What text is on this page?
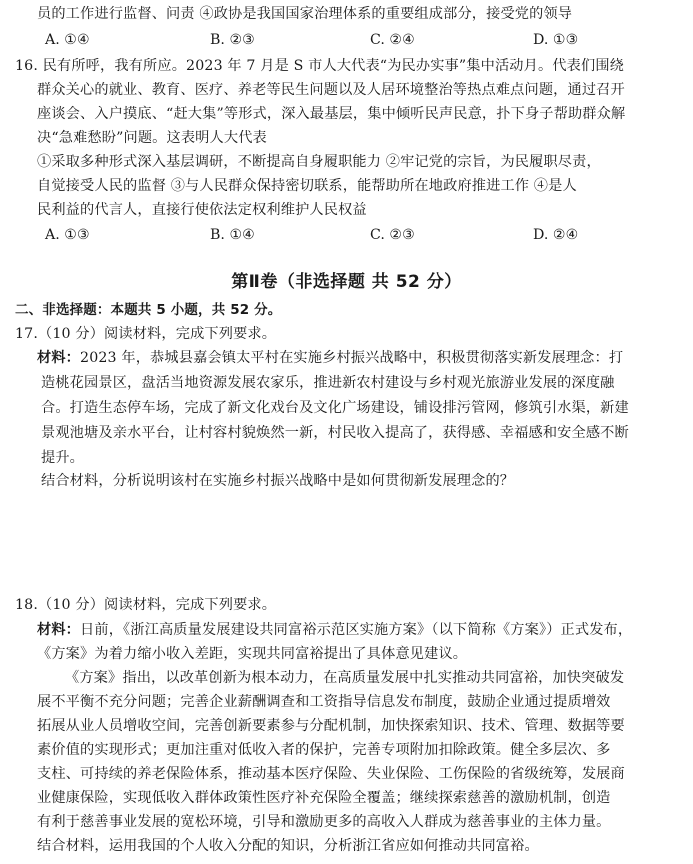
员的工作进行监督、问责 ④政协是我国国家治理体系的重要组成部分，接受党的领导
A. ①④	B. ②③	C. ②④	D. ①③
16. 民有所呼，我有所应。2023 年 7 月是 S 市人大代表“为民办实事”集中活动月。代表们围绕
群众关心的就业、教育、医疗、养老等民生问题以及人居环境整治等热点难点问题，通过召开
座谈会、入户摸底、“赶大集”等形式，深入最基层，集中倾听民声民意，扑下身子帮助群众解
决“急难愁盼”问题。这表明人大代表
①采取多种形式深入基层调研，不断提高自身履职能力 ②牢记党的宗旨，为民履职尽责，
自觉接受人民的监督 ③与人民群众保持密切联系，能帮助所在地政府推进工作 ④是人
民利益的代言人，直接行使依法定权利维护人民权益
A. ①③	B. ①④	C. ②③	D. ②④
第Ⅱ卷（非选择题 共 52 分）
二、非选择题：本题共 5 小题，共 52 分。
17.（10 分）阅读材料，完成下列要求。
材料：2023 年，恭城县嘉会镇太平村在实施乡村振兴战略中，积极贯彻落实新发展理念：打
造桃花园景区，盘活当地资源发展农家乐，推进新农村建设与乡村观光旅游业发展的深度融
合。打造生态停车场，完成了新文化戏台及文化广场建设，铺设排污管网，修筑引水渠，新建
景观池塘及亲水平台，让村容村貌焕然一新，村民收入提高了，获得感、幸福感和安全感不断
提升。
结合材料，分析说明该村在实施乡村振兴战略中是如何贯彻新发展理念的？
18.（10 分）阅读材料，完成下列要求。
材料：日前，《浙江高质量发展建设共同富裕示范区实施方案》（以下简称《方案》）正式发布，
《方案》为着力缩小收入差距，实现共同富裕提出了具体意见建议。
《方案》指出，以改革创新为根本动力，在高质量发展中扎实推动共同富裕，加快突破发
展不平衡不充分问题；完善企业薪酬调查和工资指导信息发布制度，鼓励企业通过提质增效
拓展从业人员增收空间，完善创新要素参与分配机制，加快探索知识、技术、管理、数据等要
素价值的实现形式；更加注重对低收入者的保护，完善专项附加扣除政策。健全多层次、多
支柱、可持续的养老保险体系，推动基本医疗保险、失业保险、工伤保险的省级统筹，发展商
业健康保险，实现低收入群体政策性医疗补充保险全覆盖；继续探索慈善的激励机制，创造
有利于慈善事业发展的宽松环境，引导和激励更多的高收入人群成为慈善事业的主体力量。
结合材料，运用我国的个人收入分配的知识，分析浙江省应如何推动共同富裕。
